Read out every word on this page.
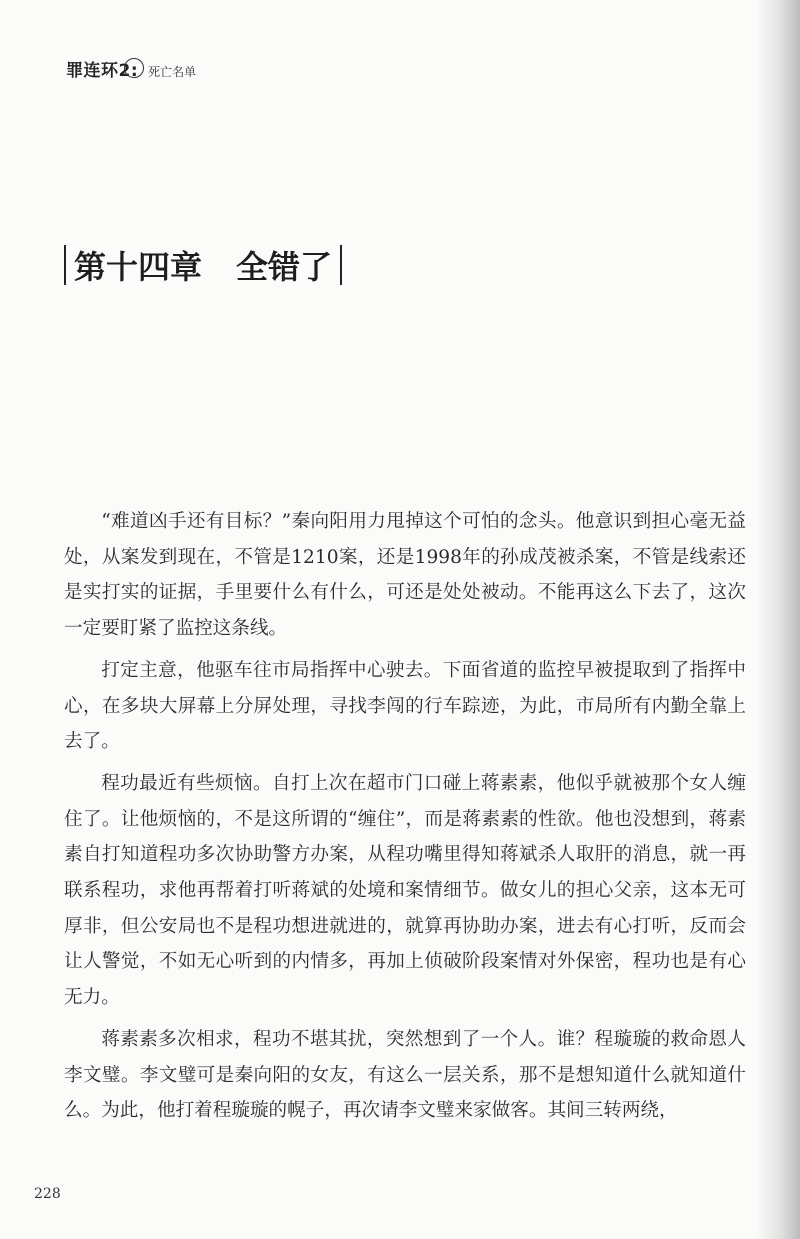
罪连环2: 死亡名单
第十四章 全错了

“难道凶手还有目标？”秦向阳用力甩掉这个可怕的念头。他意识到担心毫无益处，从案发到现在，不管是1210案，还是1998年的孙成茂被杀案，不管是线索还是实打实的证据，手里要什么有什么，可还是处处被动。不能再这么下去了，这次一定要盯紧了监控这条线。

打定主意，他驱车往市局指挥中心驶去。下面省道的监控早被提取到了指挥中心，在多块大屏幕上分屏处理，寻找李闯的行车踪迹，为此，市局所有内勤全靠上去了。

程功最近有些烦恼。自打上次在超市门口碰上蒋素素，他似乎就被那个女人缠住了。让他烦恼的，不是这所谓的“缠住”，而是蒋素素的性欲。他也没想到，蒋素素自打知道程功多次协助警方办案，从程功嘴里得知蒋斌杀人取肝的消息，就一再联系程功，求他再帮着打听蒋斌的处境和案情细节。做女儿的担心父亲，这本无可厚非，但公安局也不是程功想进就进的，就算再协助办案，进去有心打听，反而会让人警觉，不如无心听到的内情多，再加上侦破阶段案情对外保密，程功也是有心无力。

蒋素素多次相求，程功不堪其扰，突然想到了一个人。谁？程璇璇的救命恩人李文璧。李文璧可是秦向阳的女友，有这么一层关系，那不是想知道什么就知道什么。为此，他打着程璇璇的幌子，再次请李文璧来家做客。其间三转两绕，

228
